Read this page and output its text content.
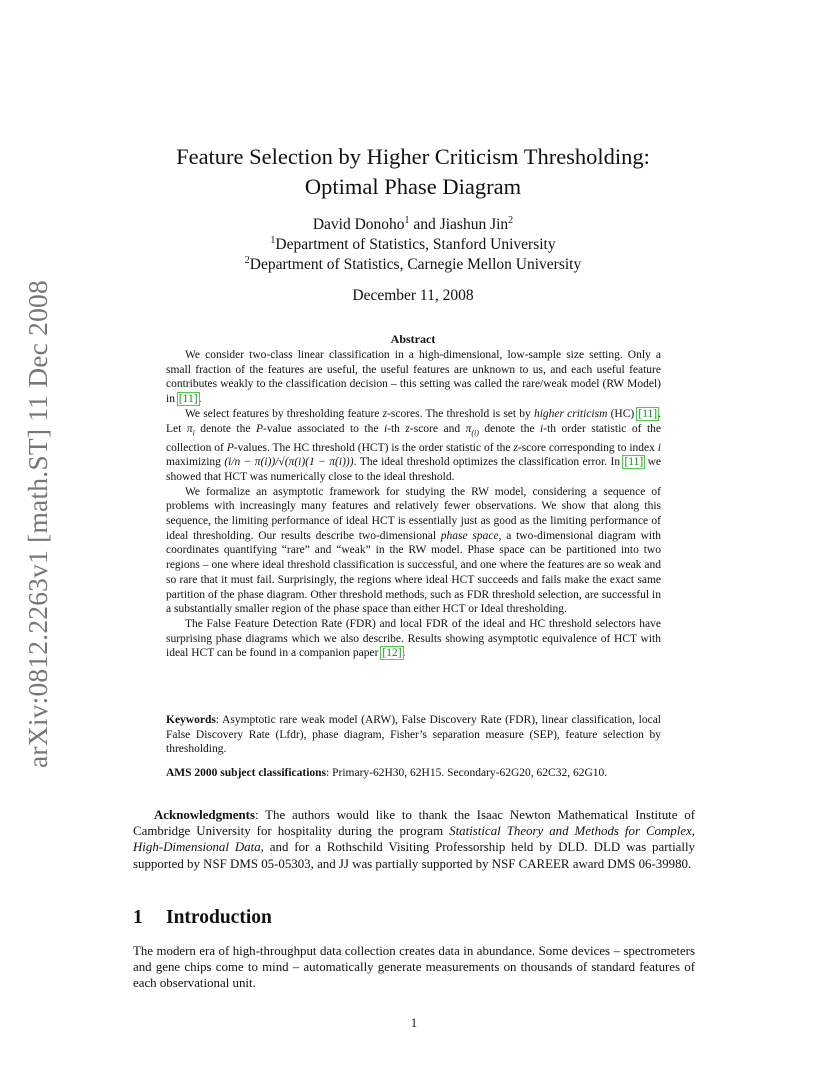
arXiv:0812.2263v1 [math.ST] 11 Dec 2008
Feature Selection by Higher Criticism Thresholding:
Optimal Phase Diagram
David Donoho$^1$ and Jiashun Jin$^2$
$^1$Department of Statistics, Stanford University
$^2$Department of Statistics, Carnegie Mellon University
December 11, 2008
Abstract

We consider two-class linear classification in a high-dimensional, low-sample size setting. Only a small fraction of the features are useful, the useful features are unknown to us, and each useful feature contributes weakly to the classification decision – this setting was called the rare/weak model (RW Model) in [11].

We select features by thresholding feature z-scores. The threshold is set by higher criticism (HC) [11]. Let $\pi_i$ denote the P-value associated to the i-th z-score and $\pi_{(i)}$ denote the i-th order statistic of the collection of P-values. The HC threshold (HCT) is the order statistic of the z-score corresponding to index i maximizing (i/n − π(i))/√(π(i)(1 − π(i))). The ideal threshold optimizes the classification error. In [11] we showed that HCT was numerically close to the ideal threshold.

We formalize an asymptotic framework for studying the RW model, considering a sequence of problems with increasingly many features and relatively fewer observations. We show that along this sequence, the limiting performance of ideal HCT is essentially just as good as the limiting performance of ideal thresholding. Our results describe two-dimensional phase space, a two-dimensional diagram with coordinates quantifying “rare” and “weak” in the RW model. Phase space can be partitioned into two regions – one where ideal threshold classification is successful, and one where the features are so weak and so rare that it must fail. Surprisingly, the regions where ideal HCT succeeds and fails make the exact same partition of the phase diagram. Other threshold methods, such as FDR threshold selection, are successful in a substantially smaller region of the phase space than either HCT or Ideal thresholding.

The False Feature Detection Rate (FDR) and local FDR of the ideal and HC threshold selectors have surprising phase diagrams which we also describe. Results showing asymptotic equivalence of HCT with ideal HCT can be found in a companion paper [12].

Keywords: Asymptotic rare weak model (ARW), False Discovery Rate (FDR), linear classification, local False Discovery Rate (Lfdr), phase diagram, Fisher’s separation measure (SEP), feature selection by thresholding.

AMS 2000 subject classifications: Primary-62H30, 62H15. Secondary-62G20, 62C32, 62G10.

Acknowledgments: The authors would like to thank the Isaac Newton Mathematical Institute of Cambridge University for hospitality during the program Statistical Theory and Methods for Complex, High-Dimensional Data, and for a Rothschild Visiting Professorship held by DLD. DLD was partially supported by NSF DMS 05-05303, and JJ was partially supported by NSF CAREER award DMS 06-39980.

1 Introduction

The modern era of high-throughput data collection creates data in abundance. Some devices – spectrometers and gene chips come to mind – automatically generate measurements on thousands of standard features of each observational unit.

1
